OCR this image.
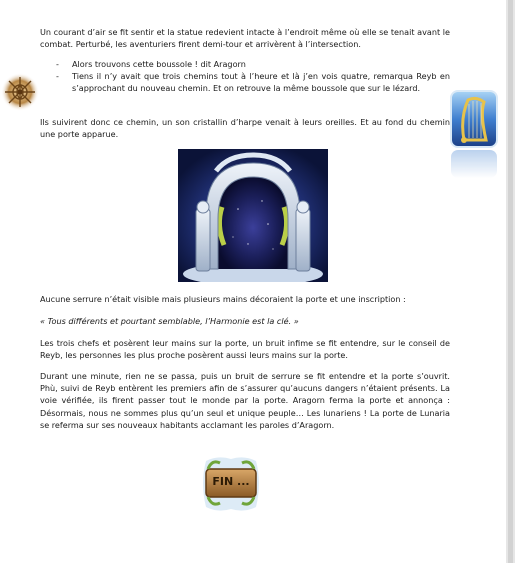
Un courant d’air se fit sentir et la statue redevient intacte à l’endroit même où elle se tenait avant le combat. Perturbé, les aventuriers firent demi-tour et arrivèrent à l’intersection.

- Alors trouvons cette boussole ! dit Aragorn
- Tiens il n’y avait que trois chemins tout à l’heure et là j’en vois quatre, remarqua Reyb en s’approchant du nouveau chemin. Et on retrouve la même boussole que sur le lézard.

Ils suivirent donc ce chemin, un son cristallin d’harpe venait à leurs oreilles. Et au fond du chemin une porte apparue.

Aucune serrure n’était visible mais plusieurs mains décoraient la porte et une inscription :

« Tous différents et pourtant semblable, l’Harmonie est la clé. »

Les trois chefs et posèrent leur mains sur la porte, un bruit infime se fit entendre, sur le conseil de Reyb, les personnes les plus proche posèrent aussi leurs mains sur la porte.

Durant une minute, rien ne se passa, puis un bruit de serrure se fit entendre et la porte s’ouvrit. Phù, suivi de Reyb entèrent les premiers afin de s’assurer qu’aucuns dangers n’étaient présents. La voie vérifiée, ils firent passer tout le monde par la porte. Aragorn ferma la porte et annonça : Désormais, nous ne sommes plus qu’un seul et unique peuple… Les lunariens ! La porte de Lunaria se referma sur ses nouveaux habitants acclamant les paroles d’Aragorn.

FIN ...
